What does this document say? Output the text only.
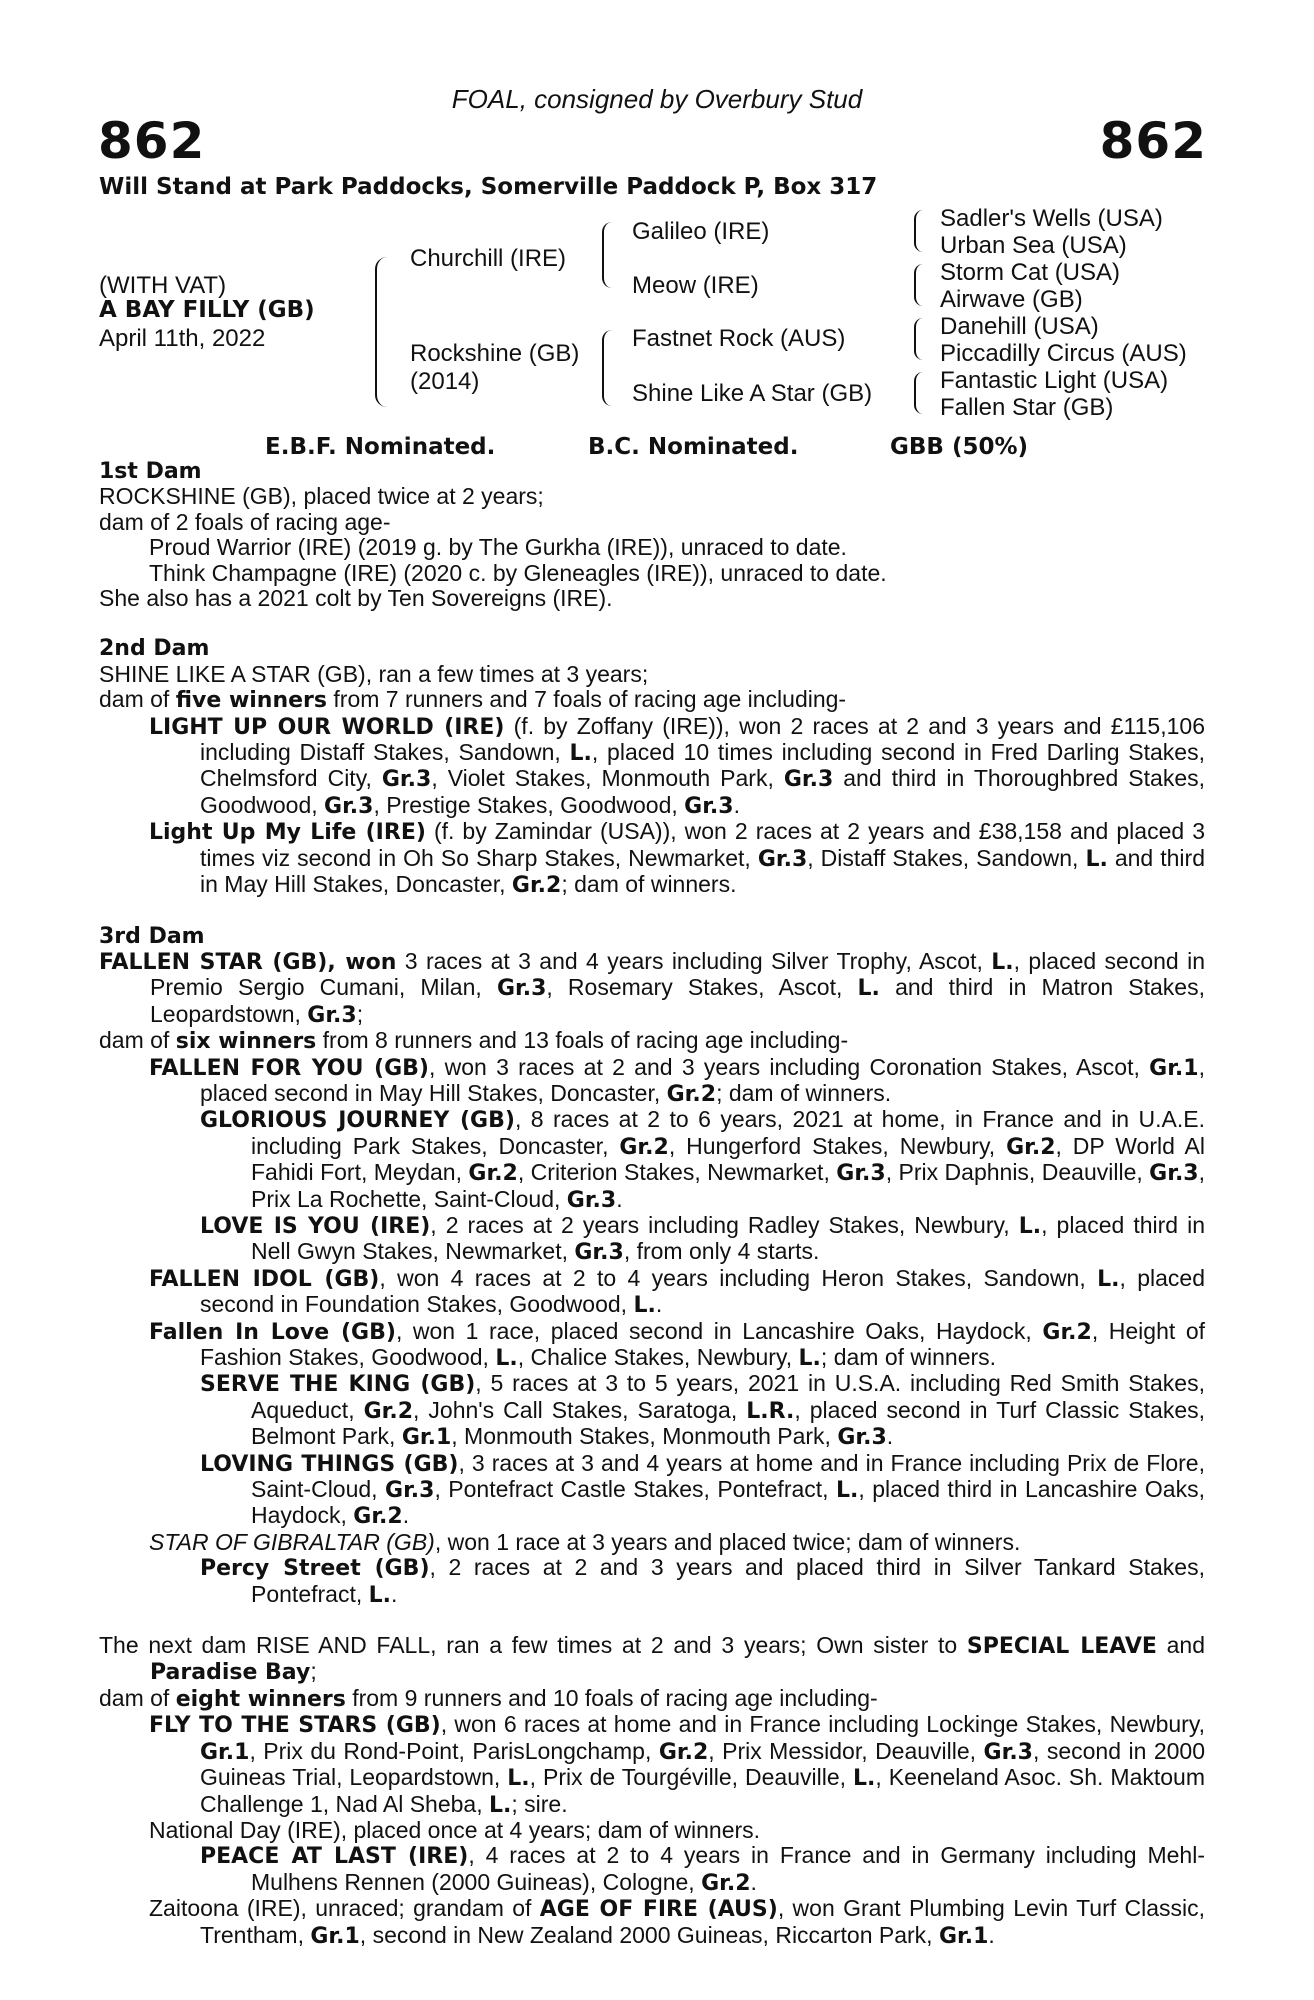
FOAL, consigned by Overbury Stud
862	862
Will Stand at Park Paddocks, Somerville Paddock P, Box 317
(WITH VAT)
A BAY FILLY (GB)
April 11th, 2022
Churchill (IRE)
Rockshine (GB)
(2014)
Galileo (IRE)
Meow (IRE)
Fastnet Rock (AUS)
Shine Like A Star (GB)
Sadler's Wells (USA)
Urban Sea (USA)
Storm Cat (USA)
Airwave (GB)
Danehill (USA)
Piccadilly Circus (AUS)
Fantastic Light (USA)
Fallen Star (GB)
E.B.F. Nominated.	B.C. Nominated.	GBB (50%)

1st Dam

ROCKSHINE (GB), placed twice at 2 years;

dam of 2 foals of racing age-

Proud Warrior (IRE) (2019 g. by The Gurkha (IRE)), unraced to date.

Think Champagne (IRE) (2020 c. by Gleneagles (IRE)), unraced to date.

She also has a 2021 colt by Ten Sovereigns (IRE).

2nd Dam

SHINE LIKE A STAR (GB), ran a few times at 3 years;

dam of five winners from 7 runners and 7 foals of racing age including-

LIGHT UP OUR WORLD (IRE) (f. by Zoffany (IRE)), won 2 races at 2 and 3 years and £115,106 including Distaff Stakes, Sandown, L., placed 10 times including second in Fred Darling Stakes, Chelmsford City, Gr.3, Violet Stakes, Monmouth Park, Gr.3 and third in Thoroughbred Stakes, Goodwood, Gr.3, Prestige Stakes, Goodwood, Gr.3.

Light Up My Life (IRE) (f. by Zamindar (USA)), won 2 races at 2 years and £38,158 and placed 3 times viz second in Oh So Sharp Stakes, Newmarket, Gr.3, Distaff Stakes, Sandown, L. and third in May Hill Stakes, Doncaster, Gr.2; dam of winners.

3rd Dam

FALLEN STAR (GB), won 3 races at 3 and 4 years including Silver Trophy, Ascot, L., placed second in Premio Sergio Cumani, Milan, Gr.3, Rosemary Stakes, Ascot, L. and third in Matron Stakes, Leopardstown, Gr.3;

dam of six winners from 8 runners and 13 foals of racing age including-

FALLEN FOR YOU (GB), won 3 races at 2 and 3 years including Coronation Stakes, Ascot, Gr.1, placed second in May Hill Stakes, Doncaster, Gr.2; dam of winners.

GLORIOUS JOURNEY (GB), 8 races at 2 to 6 years, 2021 at home, in France and in U.A.E. including Park Stakes, Doncaster, Gr.2, Hungerford Stakes, Newbury, Gr.2, DP World Al Fahidi Fort, Meydan, Gr.2, Criterion Stakes, Newmarket, Gr.3, Prix Daphnis, Deauville, Gr.3, Prix La Rochette, Saint-Cloud, Gr.3.

LOVE IS YOU (IRE), 2 races at 2 years including Radley Stakes, Newbury, L., placed third in Nell Gwyn Stakes, Newmarket, Gr.3, from only 4 starts.

FALLEN IDOL (GB), won 4 races at 2 to 4 years including Heron Stakes, Sandown, L., placed second in Foundation Stakes, Goodwood, L..

Fallen In Love (GB), won 1 race, placed second in Lancashire Oaks, Haydock, Gr.2, Height of Fashion Stakes, Goodwood, L., Chalice Stakes, Newbury, L.; dam of winners.

SERVE THE KING (GB), 5 races at 3 to 5 years, 2021 in U.S.A. including Red Smith Stakes, Aqueduct, Gr.2, John's Call Stakes, Saratoga, L.R., placed second in Turf Classic Stakes, Belmont Park, Gr.1, Monmouth Stakes, Monmouth Park, Gr.3.

LOVING THINGS (GB), 3 races at 3 and 4 years at home and in France including Prix de Flore, Saint-Cloud, Gr.3, Pontefract Castle Stakes, Pontefract, L., placed third in Lancashire Oaks, Haydock, Gr.2.

STAR OF GIBRALTAR (GB), won 1 race at 3 years and placed twice; dam of winners.

Percy Street (GB), 2 races at 2 and 3 years and placed third in Silver Tankard Stakes, Pontefract, L..

The next dam RISE AND FALL, ran a few times at 2 and 3 years; Own sister to SPECIAL LEAVE and Paradise Bay;

dam of eight winners from 9 runners and 10 foals of racing age including-

FLY TO THE STARS (GB), won 6 races at home and in France including Lockinge Stakes, Newbury, Gr.1, Prix du Rond-Point, ParisLongchamp, Gr.2, Prix Messidor, Deauville, Gr.3, second in 2000 Guineas Trial, Leopardstown, L., Prix de Tourgéville, Deauville, L., Keeneland Asoc. Sh. Maktoum Challenge 1, Nad Al Sheba, L.; sire.

National Day (IRE), placed once at 4 years; dam of winners.

PEACE AT LAST (IRE), 4 races at 2 to 4 years in France and in Germany including Mehl-Mulhens Rennen (2000 Guineas), Cologne, Gr.2.

Zaitoona (IRE), unraced; grandam of AGE OF FIRE (AUS), won Grant Plumbing Levin Turf Classic, Trentham, Gr.1, second in New Zealand 2000 Guineas, Riccarton Park, Gr.1.
